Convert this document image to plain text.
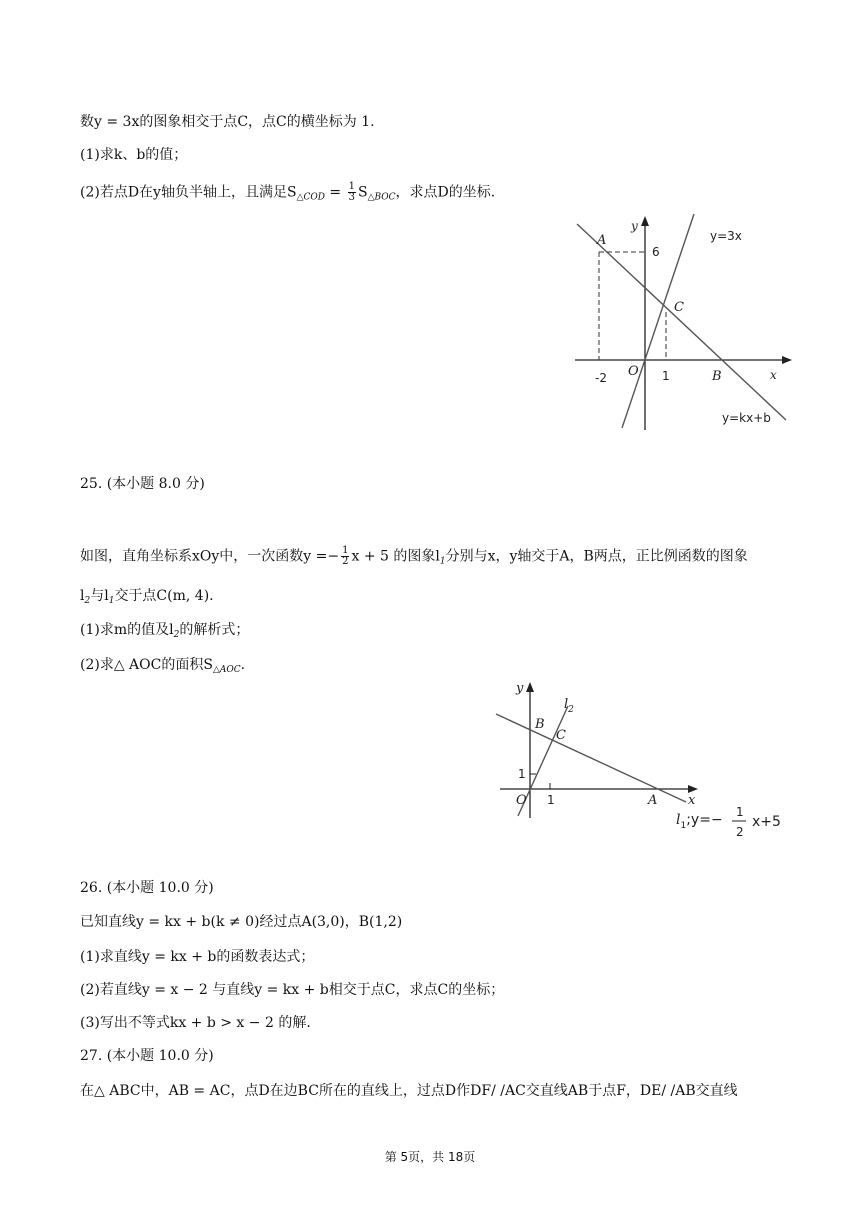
数y = 3x的图象相交于点C，点C的横坐标为 1.
(1)求k、b的值；
(2)若点D在y轴负半轴上，且满足$S_{\triangle COD} = \frac{1}{3} S_{\triangle BOC}$，求点D的坐标.
y
A
6
y=3x
C
-2 O 1	B	x
y=kx+b
25. (本小题 8.0 分)
如图，直角坐标系xOy中，一次函数$y =- \frac{1}{2}$ x + 5 的图象$l_1$分别与x，y轴交于A，B两点，正比例函数的图象
$l_2$与$l_1$交于点C(m, 4).
(1)求m的值及$l_2$的解析式；
(2)求△ AOC的面积$S_{\triangle AOC}$.
y
$l_2$
B
C
1
O 1	A x
$l_1;y=- 1$
2
x+5
26. (本小题 10.0 分)
已知直线y = kx + b(k ≠ 0)经过点A(3,0)，B(1,2)
(1)求直线y = kx + b的函数表达式；
(2)若直线y = x − 2 与直线y = kx + b相交于点C，求点C的坐标；
(3)写出不等式kx + b > x − 2 的解.
27. (本小题 10.0 分)
在△ ABC中，AB = AC，点D在边BC所在的直线上，过点D作DF/ /AC交直线AB于点F，DE/ /AB交直线
第 5页，共 18页
